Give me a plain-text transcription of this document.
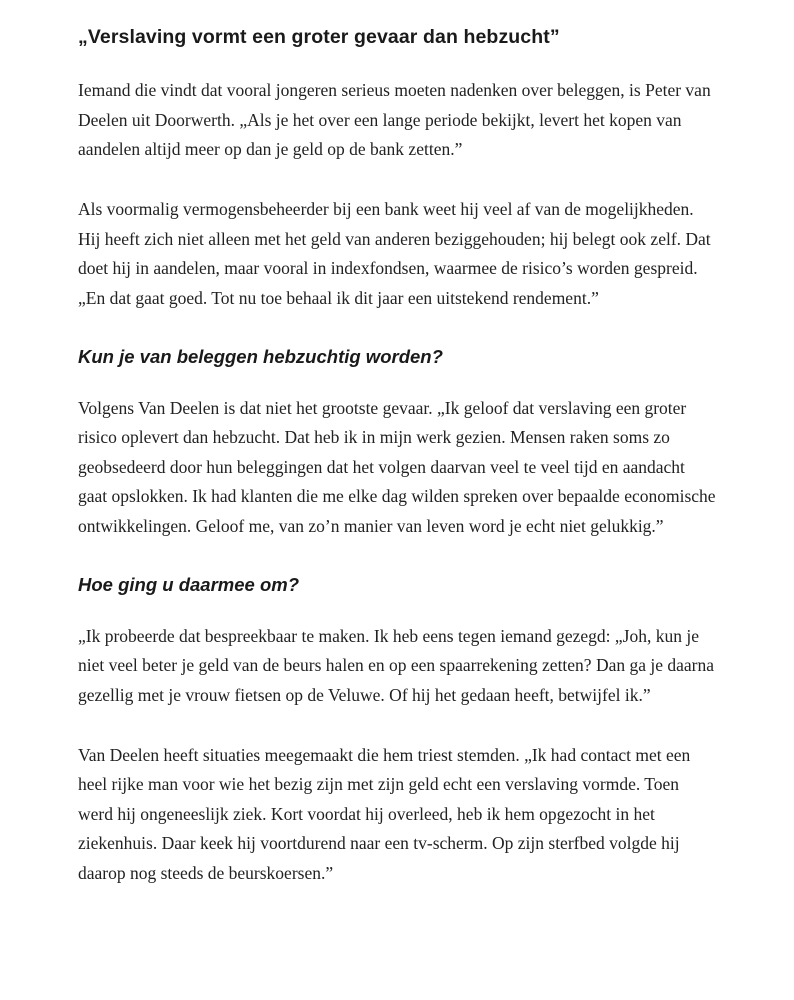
„Verslaving vormt een groter gevaar dan hebzucht”

Iemand die vindt dat vooral jongeren serieus moeten nadenken over beleggen, is Peter van Deelen uit Doorwerth. „Als je het over een lange periode bekijkt, levert het kopen van aandelen altijd meer op dan je geld op de bank zetten.”

Als voormalig vermogensbeheerder bij een bank weet hij veel af van de mogelijkheden. Hij heeft zich niet alleen met het geld van anderen beziggehouden; hij belegt ook zelf. Dat doet hij in aandelen, maar vooral in indexfondsen, waarmee de risico’s worden gespreid. „En dat gaat goed. Tot nu toe behaal ik dit jaar een uitstekend rendement.”

Kun je van beleggen hebzuchtig worden?

Volgens Van Deelen is dat niet het grootste gevaar. „Ik geloof dat verslaving een groter risico oplevert dan hebzucht. Dat heb ik in mijn werk gezien. Mensen raken soms zo geobsedeerd door hun beleggingen dat het volgen daarvan veel te veel tijd en aandacht gaat opslokken. Ik had klanten die me elke dag wilden spreken over bepaalde economische ontwikkelingen. Geloof me, van zo’n manier van leven word je echt niet gelukkig.”

Hoe ging u daarmee om?

„Ik probeerde dat bespreekbaar te maken. Ik heb eens tegen iemand gezegd: „Joh, kun je niet veel beter je geld van de beurs halen en op een spaarrekening zetten? Dan ga je daarna gezellig met je vrouw fietsen op de Veluwe. Of hij het gedaan heeft, betwijfel ik.”

Van Deelen heeft situaties meegemaakt die hem triest stemden. „Ik had contact met een heel rijke man voor wie het bezig zijn met zijn geld echt een verslaving vormde. Toen werd hij ongeneeslijk ziek. Kort voordat hij overleed, heb ik hem opgezocht in het ziekenhuis. Daar keek hij voortdurend naar een tv-scherm. Op zijn sterfbed volgde hij daarop nog steeds de beurskoersen.”
